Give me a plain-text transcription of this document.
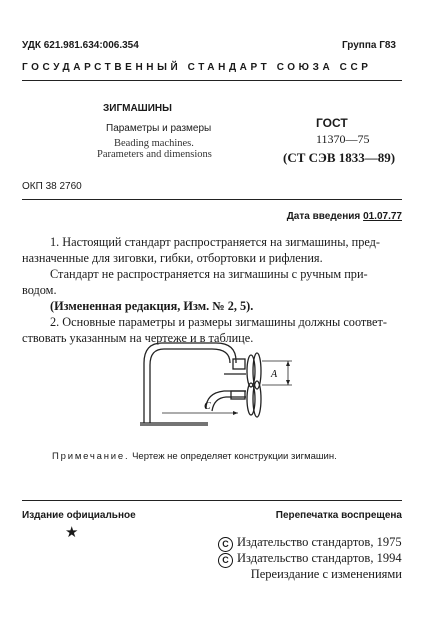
УДК 621.981.634:006.354	Группа Г83
ГОСУДАРСТВЕННЫЙ СТАНДАРТ СОЮЗА ССР
ЗИГМАШИНЫ
Параметры и размеры
Beading machines.
Parameters and dimensions
ГОСТ
11370—75
(СТ СЭВ 1833—89)
ОКП 38 2760
Дата введения 01.07.77
1. Настоящий стандарт распространяется на зигмашины, пред-
назначенные для зиговки, гибки, отбортовки и рифления.
Стандарт не распространяется на зигмашины с ручным при-
водом.
(Измененная редакция, Изм. № 2, 5).
2. Основные параметры и размеры зигмашины должны соответ-
ствовать указанным на чертеже и в таблице.
А
С
Примечание. Чертеж не определяет конструкции зигмашин.
Издание официальное	Перепечатка воспрещена
★
C Издательство стандартов, 1975
C Издательство стандартов, 1994
Переиздание с изменениями
